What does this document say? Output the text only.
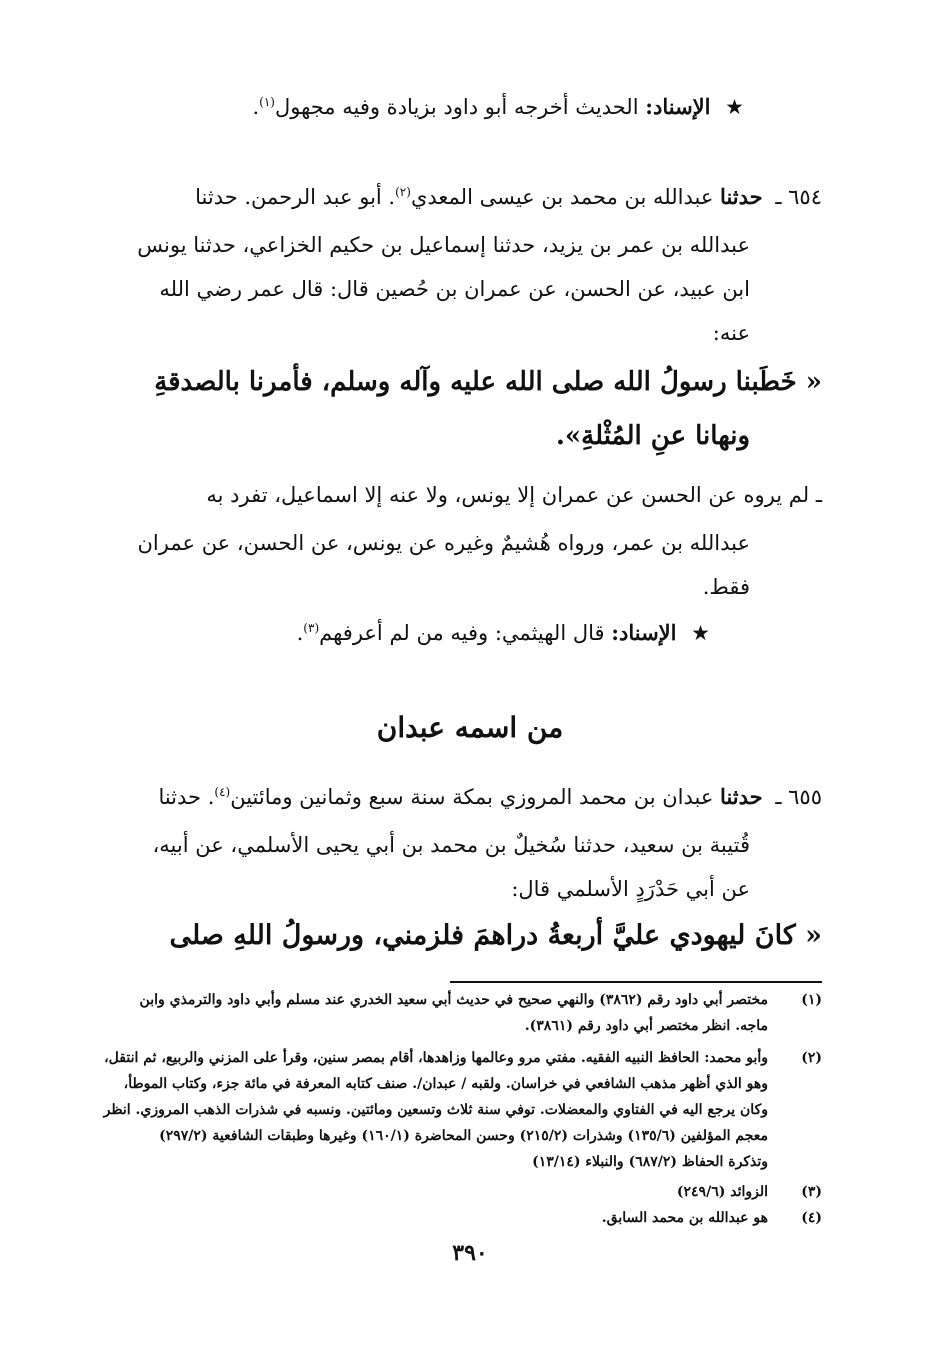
★ الإسناد: الحديث أخرجه أبو داود بزيادة وفيه مجهول$^{(١)}$.
٦٥٤ ـ حدثنا عبدالله بن محمد بن عيسى المعدي$^{(٢)}$. أبو عبد الرحمن. حدثنا
عبدالله بن عمر بن يزيد، حدثنا إسماعيل بن حكيم الخزاعي، حدثنا يونس
ابن عبيد، عن الحسن، عن عمران بن حُصين قال: قال عمر رضي الله
عنه:
« خَطَبنا رسولُ الله صلى الله عليه وآله وسلم، فأمرنا بالصدقةِ
ونهانا عنِ المُثْلةِ».
ـ لم يروه عن الحسن عن عمران إلا يونس، ولا عنه إلا اسماعيل، تفرد به
عبدالله بن عمر، ورواه هُشيمٌ وغيره عن يونس، عن الحسن، عن عمران
فقط.
★ الإسناد: قال الهيثمي: وفيه من لم أعرفهم$^{(٣)}$.
من اسمه عبدان
٦٥٥ ـ حدثنا عبدان بن محمد المروزي بمكة سنة سبع وثمانين ومائتين$^{(٤)}$. حدثنا
قُتيبة بن سعيد، حدثنا سُخيلٌ بن محمد بن أبي يحيى الأسلمي، عن أبيه،
عن أبي حَدْرَدٍ الأسلمي قال:
« كانَ ليهودي عليَّ أربعةُ دراهمَ فلزمني، ورسولُ اللهِ صلى
(١)
مختصر أبي داود رقم (٣٨٦٢) والنهي صحيح في حديث أبي سعيد الخدري عند مسلم وأبي داود والترمذي وابن
ماجه. انظر مختصر أبي داود رقم (٣٨٦١).
(٢)
وأبو محمد: الحافظ النبيه الفقيه. مفتي مرو وعالمها وزاهدها، أقام بمصر سنين، وقرأ على المزني والربيع، ثم انتقل،
وهو الذي أظهر مذهب الشافعي في خراسان. ولقبه / عبدان/. صنف كتابه المعرفة في مائة جزء، وكتاب الموطأ،
وكان يرجع اليه في الفتاوي والمعضلات. توفي سنة ثلاث وتسعين ومائتين. ونسبه في شذرات الذهب المروزي. انظر
معجم المؤلفين (١٣٥/٦) وشذرات (٢١٥/٢) وحسن المحاضرة (١٦٠/١) وغيرها وطبقات الشافعية (٢٩٧/٢)
وتذكرة الحفاظ (٦٨٧/٢) والنبلاء (١٣/١٤)
(٣)
الزوائد (٢٤٩/٦)
(٤)
هو عبدالله بن محمد السابق.
٣٩٠
